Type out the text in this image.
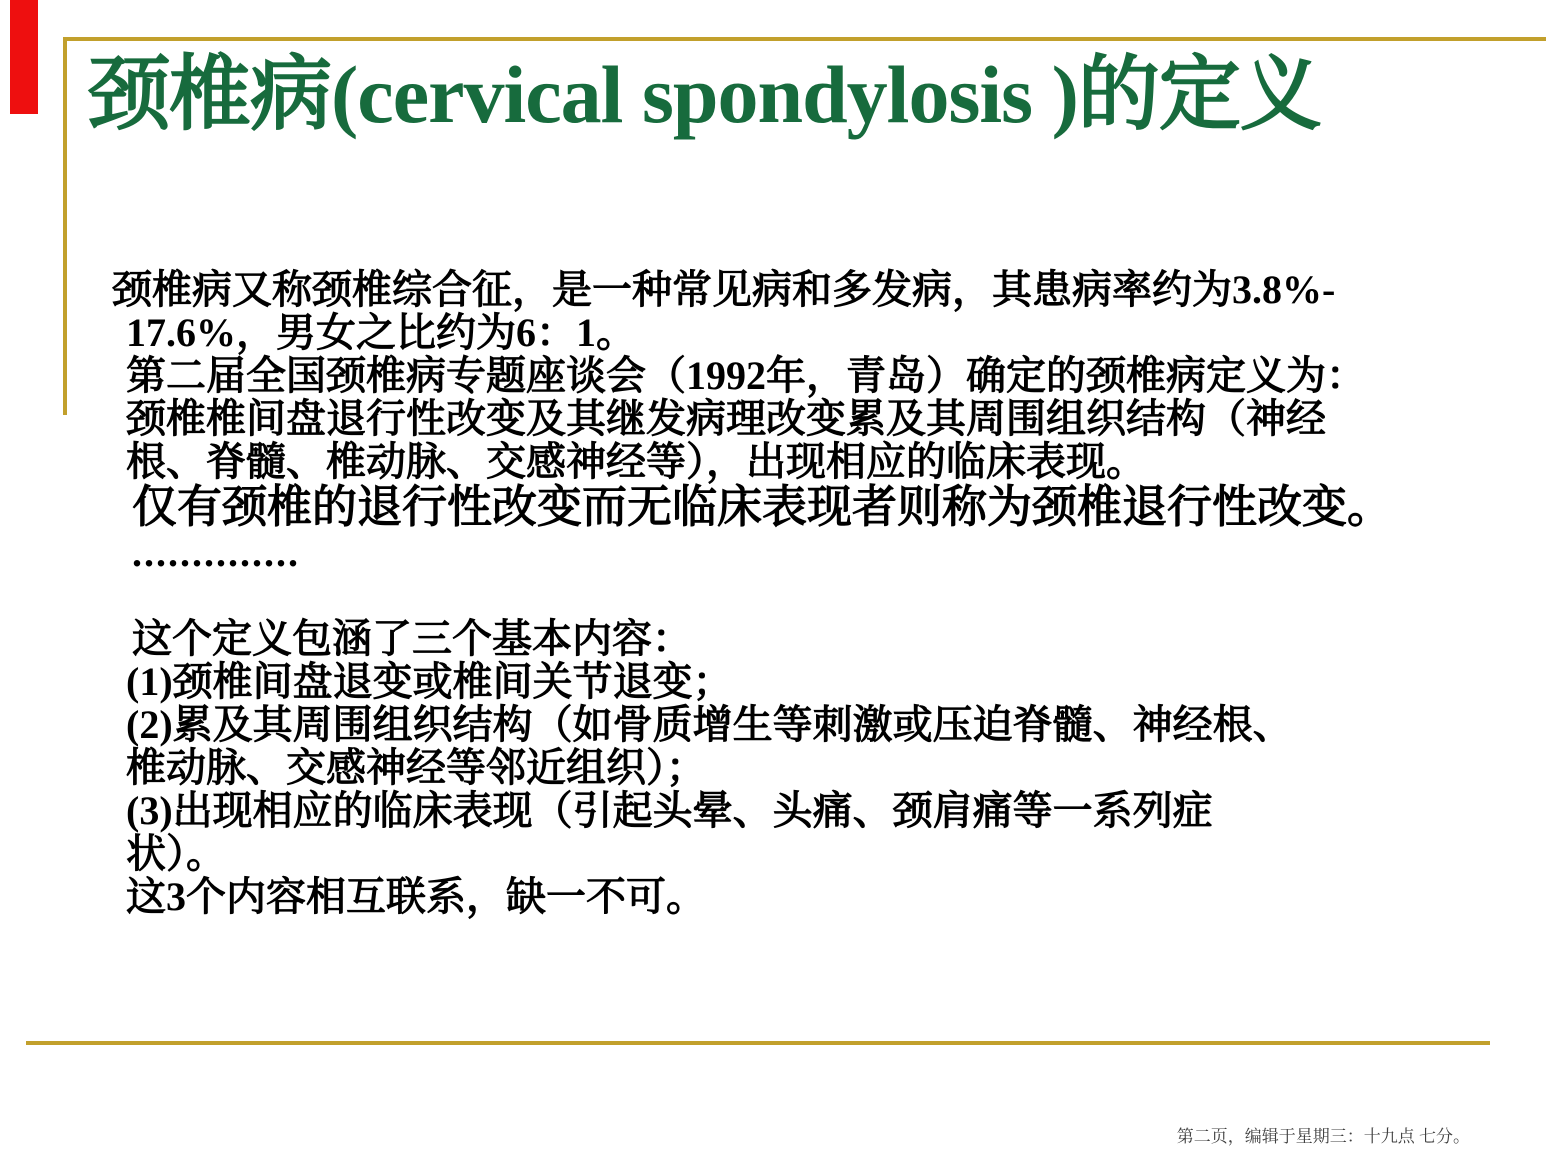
颈椎病(cervical spondylosis )的定义
颈椎病又称颈椎综合征，是一种常见病和多发病，其患病率约为3.8%-
17.6%，男女之比约为6：1。
第二届全国颈椎病专题座谈会（1992年，青岛）确定的颈椎病定义为：
颈椎椎间盘退行性改变及其继发病理改变累及其周围组织结构（神经
根、脊髓、椎动脉、交感神经等），出现相应的临床表现。
仅有颈椎的退行性改变而无临床表现者则称为颈椎退行性改变。
..............
这个定义包涵了三个基本内容：
(1)颈椎间盘退变或椎间关节退变；
(2)累及其周围组织结构（如骨质增生等刺激或压迫脊髓、神经根、
椎动脉、交感神经等邻近组织）；
(3)出现相应的临床表现（引起头晕、头痛、颈肩痛等一系列症
状）。
这3个内容相互联系，缺一不可。
第二页，编辑于星期三：十九点 七分。
